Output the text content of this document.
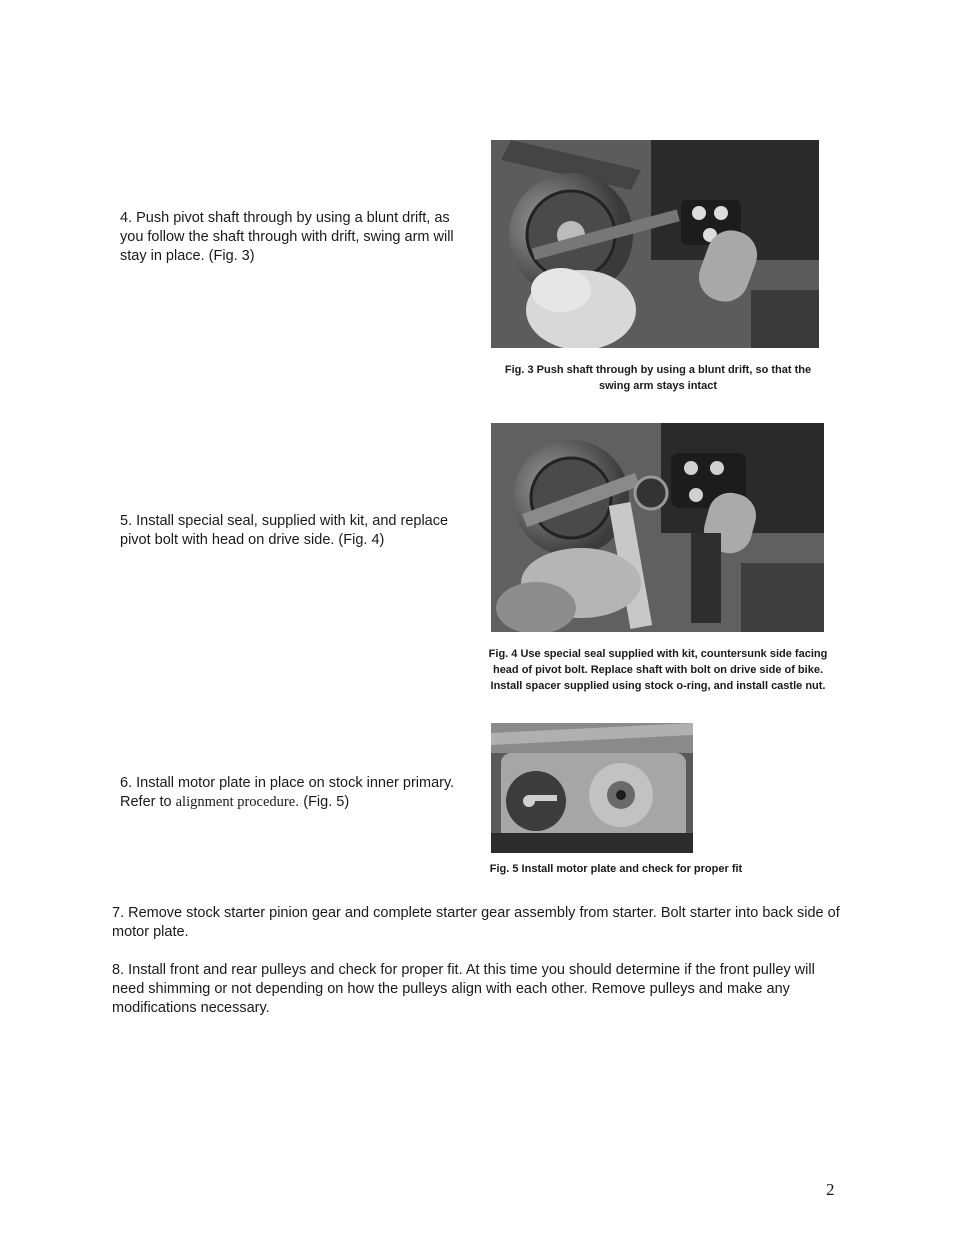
4. Push pivot shaft through by using a blunt drift, as you follow the shaft through with drift, swing arm will stay in place. (Fig. 3)
Fig. 3 Push shaft through by using a blunt drift, so that the swing arm stays intact
5. Install special seal, supplied with kit, and replace pivot bolt with head on drive side. (Fig. 4)
Fig. 4 Use special seal supplied with kit, countersunk side facing head of pivot bolt. Replace shaft with bolt on drive side of bike. Install spacer supplied using stock o-ring, and install castle nut.
6. Install motor plate in place on stock inner primary. Refer to alignment procedure. (Fig. 5)
Fig. 5 Install motor plate and check for proper fit
7. Remove stock starter pinion gear and complete starter gear assembly from starter. Bolt starter into back side of motor plate.
8. Install front and rear pulleys and check for proper fit. At this time you should determine if the front pulley will need shimming or not depending on how the pulleys align with each other. Remove pulleys and make any modifications necessary.
2
